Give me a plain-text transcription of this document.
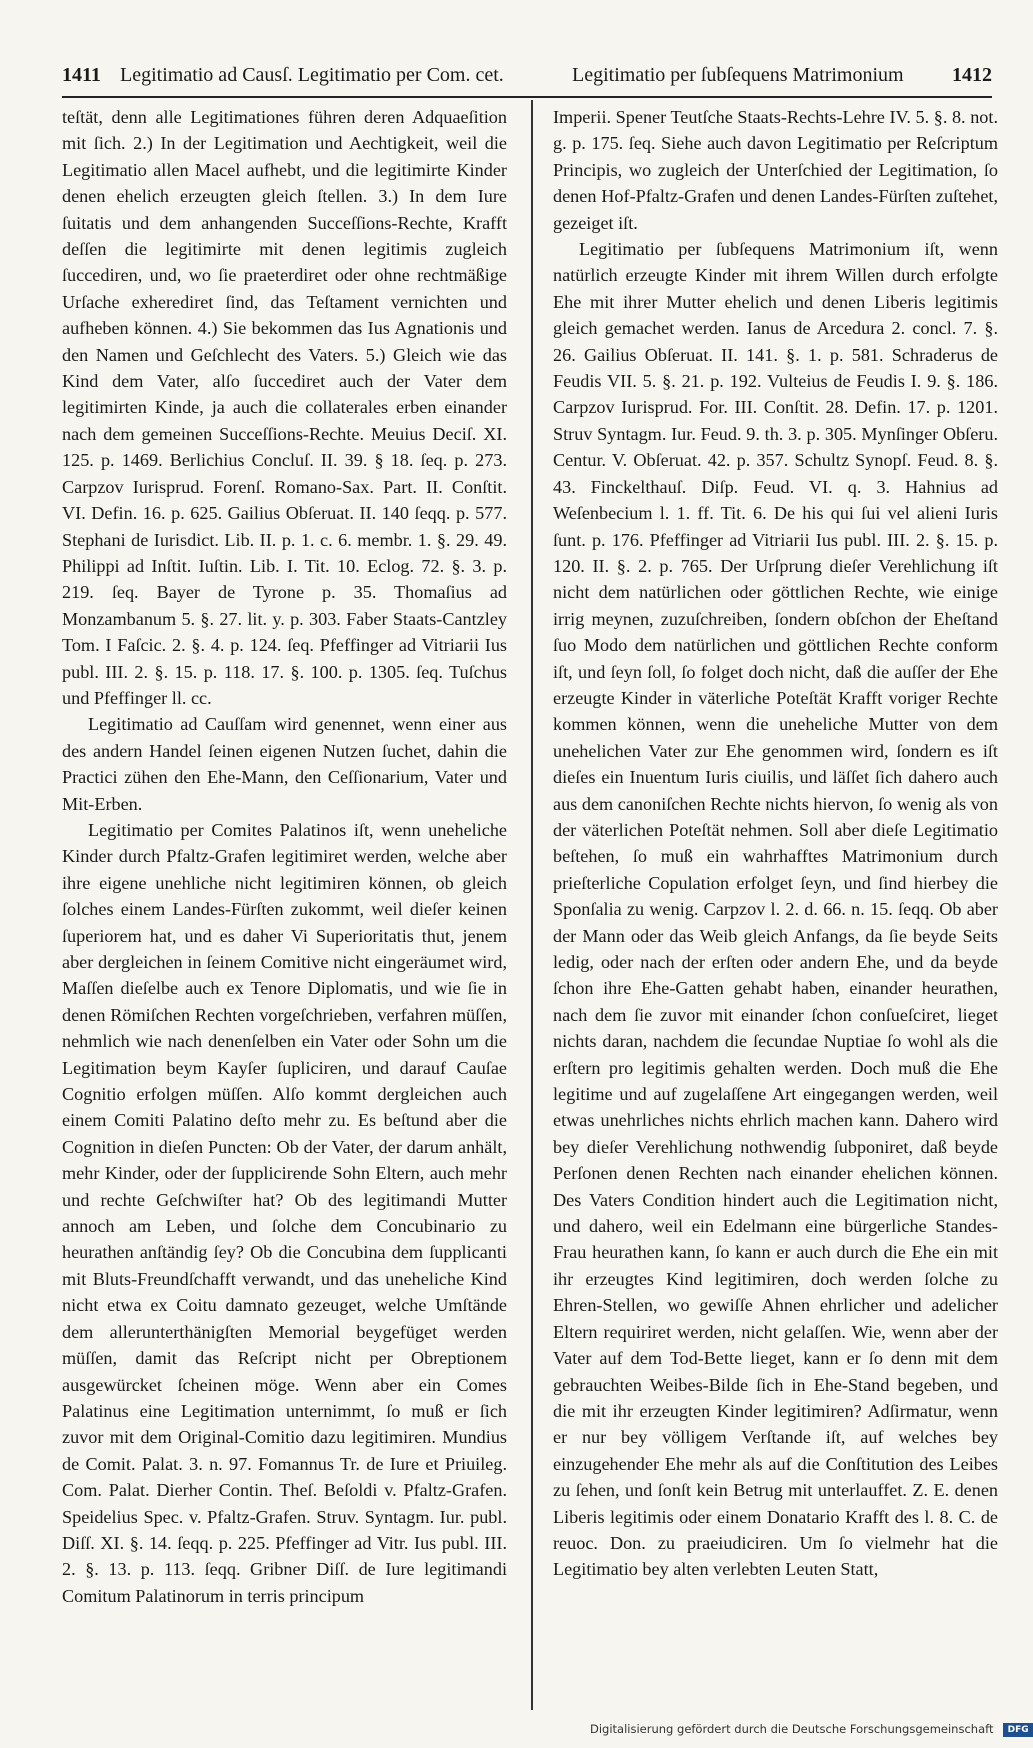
1411 Legitimatio ad Causſ. Legitimatio per Com. cet.	Legitimatio per ſubſequens Matrimonium 1412

teſtät, denn alle Legitimationes führen deren Adquaeſition mit ſich. 2.) In der Legitimation und Aechtigkeit, weil die Legitimatio allen Macel aufhebt, und die legitimirte Kinder denen ehelich erzeugten gleich ſtellen. 3.) In dem Iure ſuitatis und dem anhangenden Succeſſions-Rechte, Krafft deſſen die legitimirte mit denen legitimis zugleich ſuccediren, und, wo ſie praeterdiret oder ohne rechtmäßige Urſache exherediret ſind, das Teſtament vernichten und aufheben können. 4.) Sie bekommen das Ius Agnationis und den Namen und Geſchlecht des Vaters. 5.) Gleich wie das Kind dem Vater, alſo ſuccediret auch der Vater dem legitimirten Kinde, ja auch die collaterales erben einander nach dem gemeinen Succeſſions-Rechte. Meuius Deciſ. XI. 125. p. 1469. Berlichius Concluſ. II. 39. § 18. ſeq. p. 273. Carpzov Iurisprud. Forenſ. Romano-Sax. Part. II. Conſtit. VI. Defin. 16. p. 625. Gailius Obſeruat. II. 140 ſeqq. p. 577. Stephani de Iurisdict. Lib. II. p. 1. c. 6. membr. 1. §. 29. 49. Philippi ad Inſtit. Iuſtin. Lib. I. Tit. 10. Eclog. 72. §. 3. p. 219. ſeq. Bayer de Tyrone p. 35. Thomaſius ad Monzambanum 5. §. 27. lit. y. p. 303. Faber Staats-Cantzley Tom. I Faſcic. 2. §. 4. p. 124. ſeq. Pfeffinger ad Vitriarii Ius publ. III. 2. §. 15. p. 118. 17. §. 100. p. 1305. ſeq. Tuſchus und Pfeffinger ll. cc.

Legitimatio ad Cauſſam wird genennet, wenn einer aus des andern Handel ſeinen eigenen Nutzen ſuchet, dahin die Practici zühen den Ehe-Mann, den Ceſſionarium, Vater und Mit-Erben.

Legitimatio per Comites Palatinos iſt, wenn uneheliche Kinder durch Pfaltz-Grafen legitimiret werden, welche aber ihre eigene unehliche nicht legitimiren können, ob gleich ſolches einem Landes-Fürſten zukommt, weil dieſer keinen ſuperiorem hat, und es daher Vi Superioritatis thut, jenem aber dergleichen in ſeinem Comitive nicht eingeräumet wird, Maſſen dieſelbe auch ex Tenore Diplomatis, und wie ſie in denen Römiſchen Rechten vorgeſchrieben, verfahren müſſen, nehmlich wie nach denenſelben ein Vater oder Sohn um die Legitimation beym Kayſer ſupliciren, und darauf Cauſae Cognitio erfolgen müſſen. Alſo kommt dergleichen auch einem Comiti Palatino deſto mehr zu. Es beſtund aber die Cognition in dieſen Puncten: Ob der Vater, der darum anhält, mehr Kinder, oder der ſupplicirende Sohn Eltern, auch mehr und rechte Geſchwiſter hat? Ob des legitimandi Mutter annoch am Leben, und ſolche dem Concubinario zu heurathen anſtändig ſey? Ob die Concubina dem ſupplicanti mit Bluts-Freundſchafft verwandt, und das uneheliche Kind nicht etwa ex Coitu damnato gezeuget, welche Umſtände dem allerunterthänigſten Memorial beygefüget werden müſſen, damit das Reſcript nicht per Obreptionem ausgewürcket ſcheinen möge. Wenn aber ein Comes Palatinus eine Legitimation unternimmt, ſo muß er ſich zuvor mit dem Original-Comitio dazu legitimiren. Mundius de Comit. Palat. 3. n. 97. Fomannus Tr. de Iure et Priuileg. Com. Palat. Dierher Contin. Theſ. Beſoldi v. Pfaltz-Grafen. Speidelius Spec. v. Pfaltz-Grafen. Struv. Syntagm. Iur. publ. Diſſ. XI. §. 14. ſeqq. p. 225. Pfeffinger ad Vitr. Ius publ. III. 2. §. 13. p. 113. ſeqq. Gribner Diſſ. de Iure legitimandi Comitum Palatinorum in terris principum

Imperii. Spener Teutſche Staats-Rechts-Lehre IV. 5. §. 8. not. g. p. 175. ſeq. Siehe auch davon Legitimatio per Reſcriptum Principis, wo zugleich der Unterſchied der Legitimation, ſo denen Hof-Pfaltz-Grafen und denen Landes-Fürſten zuſtehet, gezeiget iſt.

Legitimatio per ſubſequens Matrimonium iſt, wenn natürlich erzeugte Kinder mit ihrem Willen durch erfolgte Ehe mit ihrer Mutter ehelich und denen Liberis legitimis gleich gemachet werden. Ianus de Arcedura 2. concl. 7. §. 26. Gailius Obſeruat. II. 141. §. 1. p. 581. Schraderus de Feudis VII. 5. §. 21. p. 192. Vulteius de Feudis I. 9. §. 186. Carpzov Iurisprud. For. III. Conſtit. 28. Defin. 17. p. 1201. Struv Syntagm. Iur. Feud. 9. th. 3. p. 305. Mynſinger Obſeru. Centur. V. Obſeruat. 42. p. 357. Schultz Synopſ. Feud. 8. §. 43. Finckelthauſ. Diſp. Feud. VI. q. 3. Hahnius ad Weſenbecium l. 1. ff. Tit. 6. De his qui ſui vel alieni Iuris ſunt. p. 176. Pfeffinger ad Vitriarii Ius publ. III. 2. §. 15. p. 120. II. §. 2. p. 765. Der Urſprung dieſer Verehlichung iſt nicht dem natürlichen oder göttlichen Rechte, wie einige irrig meynen, zuzuſchreiben, ſondern obſchon der Eheſtand ſuo Modo dem natürlichen und göttlichen Rechte conform iſt, und ſeyn ſoll, ſo folget doch nicht, daß die auſſer der Ehe erzeugte Kinder in väterliche Poteſtät Krafft voriger Rechte kommen können, wenn die uneheliche Mutter von dem unehelichen Vater zur Ehe genommen wird, ſondern es iſt dieſes ein Inuentum Iuris ciuilis, und läſſet ſich dahero auch aus dem canoniſchen Rechte nichts hiervon, ſo wenig als von der väterlichen Poteſtät nehmen. Soll aber dieſe Legitimatio beſtehen, ſo muß ein wahrhafftes Matrimonium durch prieſterliche Copulation erfolget ſeyn, und ſind hierbey die Sponſalia zu wenig. Carpzov l. 2. d. 66. n. 15. ſeqq. Ob aber der Mann oder das Weib gleich Anfangs, da ſie beyde Seits ledig, oder nach der erſten oder andern Ehe, und da beyde ſchon ihre Ehe-Gatten gehabt haben, einander heurathen, nach dem ſie zuvor mit einander ſchon conſueſciret, lieget nichts daran, nachdem die ſecundae Nuptiae ſo wohl als die erſtern pro legitimis gehalten werden. Doch muß die Ehe legitime und auf zugelaſſene Art eingegangen werden, weil etwas unehrliches nichts ehrlich machen kann. Dahero wird bey dieſer Verehlichung nothwendig ſubponiret, daß beyde Perſonen denen Rechten nach einander ehelichen können. Des Vaters Condition hindert auch die Legitimation nicht, und dahero, weil ein Edelmann eine bürgerliche Standes-Frau heurathen kann, ſo kann er auch durch die Ehe ein mit ihr erzeugtes Kind legitimiren, doch werden ſolche zu Ehren-Stellen, wo gewiſſe Ahnen ehrlicher und adelicher Eltern requiriret werden, nicht gelaſſen. Wie, wenn aber der Vater auf dem Tod-Bette lieget, kann er ſo denn mit dem gebrauchten Weibes-Bilde ſich in Ehe-Stand begeben, und die mit ihr erzeugten Kinder legitimiren? Adſirmatur, wenn er nur bey völligem Verſtande iſt, auf welches bey einzugehender Ehe mehr als auf die Conſtitution des Leibes zu ſehen, und ſonſt kein Betrug mit unterlauffet. Z. E. denen Liberis legitimis oder einem Donatario Krafft des l. 8. C. de reuoc. Don. zu praeiudiciren. Um ſo vielmehr hat die Legitimatio bey alten verlebten Leuten Statt,

Digitalisierung gefördert durch die Deutsche Forschungsgemeinschaft DFG
